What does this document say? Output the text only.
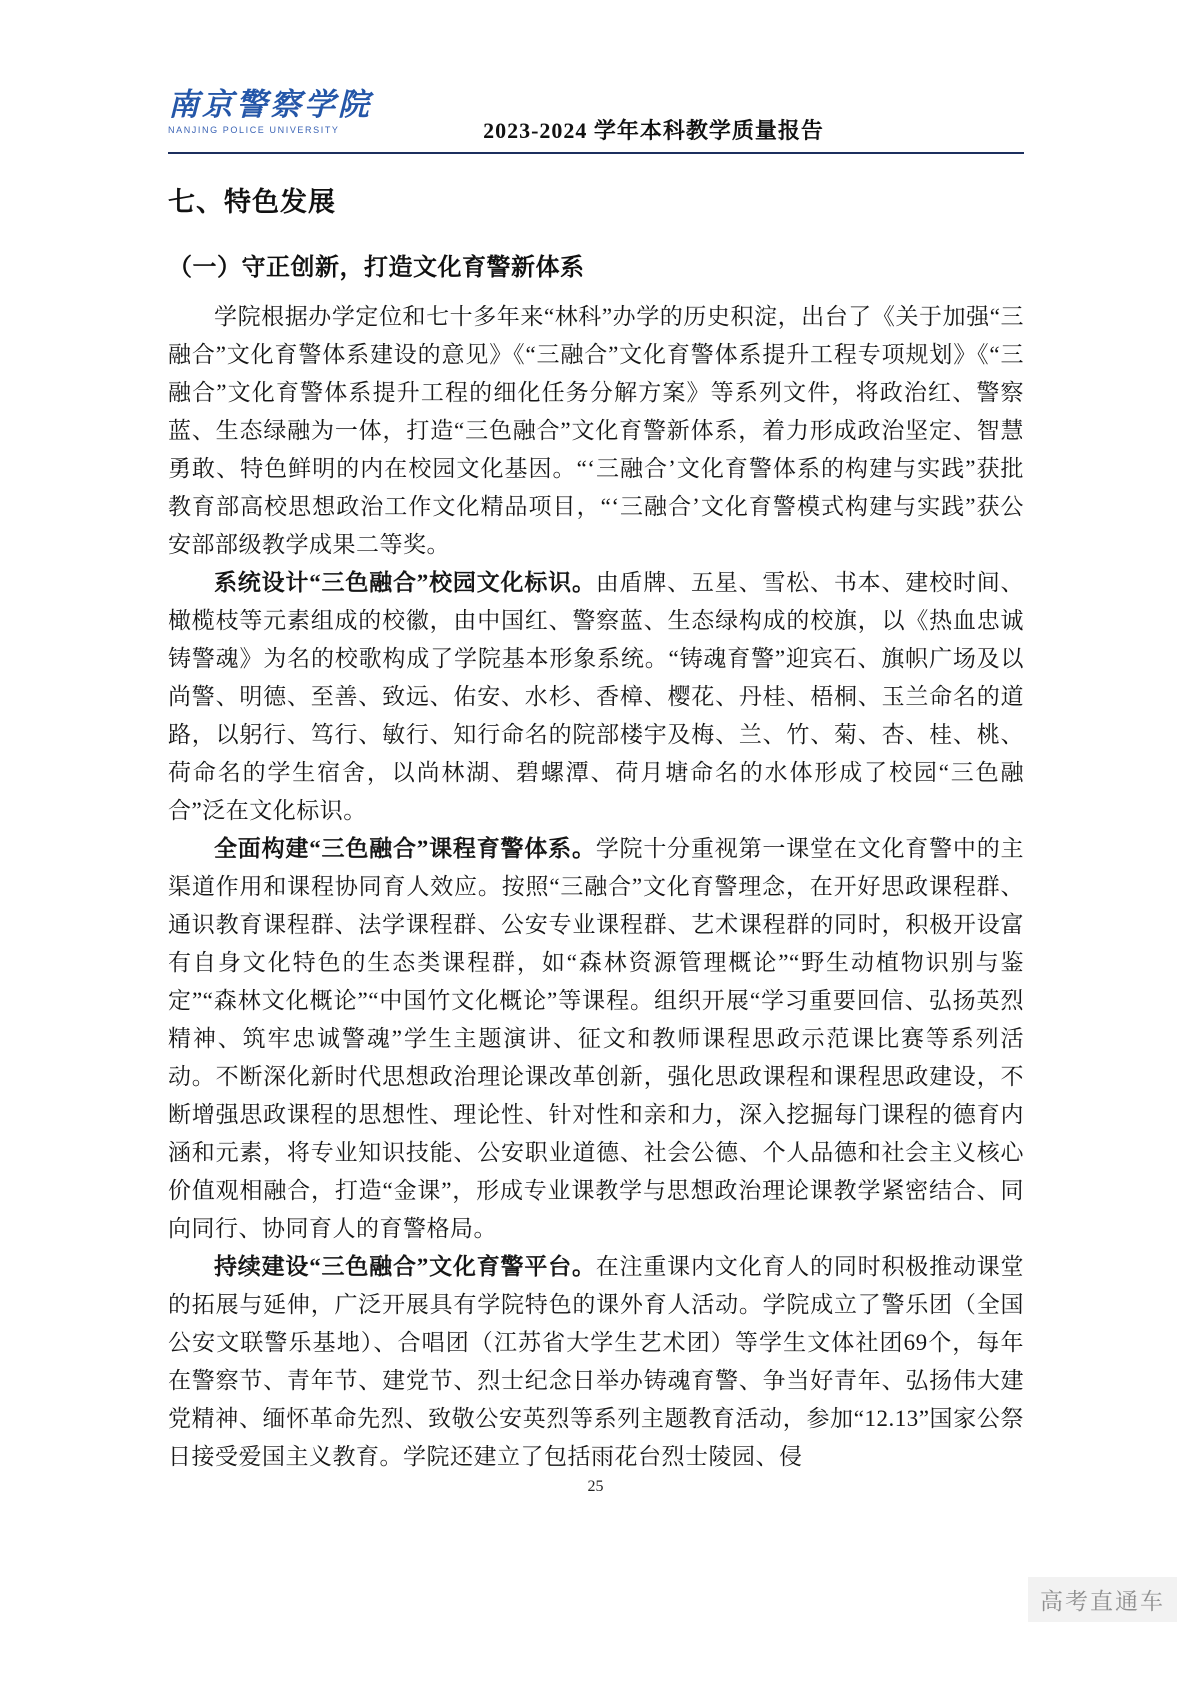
南京警察学院
NANJING POLICE UNIVERSITY	2023-2024 学年本科教学质量报告
七、特色发展
（一）守正创新，打造文化育警新体系

学院根据办学定位和七十多年来“林科”办学的历史积淀，出台了《关于加强“三融合”文化育警体系建设的意见》《“三融合”文化育警体系提升工程专项规划》《“三融合”文化育警体系提升工程的细化任务分解方案》等系列文件，将政治红、警察蓝、生态绿融为一体，打造“三色融合”文化育警新体系，着力形成政治坚定、智慧勇敢、特色鲜明的内在校园文化基因。“‘三融合’文化育警体系的构建与实践”获批教育部高校思想政治工作文化精品项目，“‘三融合’文化育警模式构建与实践”获公安部部级教学成果二等奖。

系统设计“三色融合”校园文化标识。由盾牌、五星、雪松、书本、建校时间、橄榄枝等元素组成的校徽，由中国红、警察蓝、生态绿构成的校旗，以《热血忠诚铸警魂》为名的校歌构成了学院基本形象系统。“铸魂育警”迎宾石、旗帜广场及以尚警、明德、至善、致远、佑安、水杉、香樟、樱花、丹桂、梧桐、玉兰命名的道路，以躬行、笃行、敏行、知行命名的院部楼宇及梅、兰、竹、菊、杏、桂、桃、荷命名的学生宿舍，以尚林湖、碧螺潭、荷月塘命名的水体形成了校园“三色融合”泛在文化标识。

全面构建“三色融合”课程育警体系。学院十分重视第一课堂在文化育警中的主渠道作用和课程协同育人效应。按照“三融合”文化育警理念，在开好思政课程群、通识教育课程群、法学课程群、公安专业课程群、艺术课程群的同时，积极开设富有自身文化特色的生态类课程群，如“森林资源管理概论”“野生动植物识别与鉴定”“森林文化概论”“中国竹文化概论”等课程。组织开展“学习重要回信、弘扬英烈精神、筑牢忠诚警魂”学生主题演讲、征文和教师课程思政示范课比赛等系列活动。不断深化新时代思想政治理论课改革创新，强化思政课程和课程思政建设，不断增强思政课程的思想性、理论性、针对性和亲和力，深入挖掘每门课程的德育内涵和元素，将专业知识技能、公安职业道德、社会公德、个人品德和社会主义核心价值观相融合，打造“金课”，形成专业课教学与思想政治理论课教学紧密结合、同向同行、协同育人的育警格局。

持续建设“三色融合”文化育警平台。在注重课内文化育人的同时积极推动课堂的拓展与延伸，广泛开展具有学院特色的课外育人活动。学院成立了警乐团（全国公安文联警乐基地）、合唱团（江苏省大学生艺术团）等学生文体社团69个，每年在警察节、青年节、建党节、烈士纪念日举办铸魂育警、争当好青年、弘扬伟大建党精神、缅怀革命先烈、致敬公安英烈等系列主题教育活动，参加“12.13”国家公祭日接受爱国主义教育。学院还建立了包括雨花台烈士陵园、侵

25
高考直通车
